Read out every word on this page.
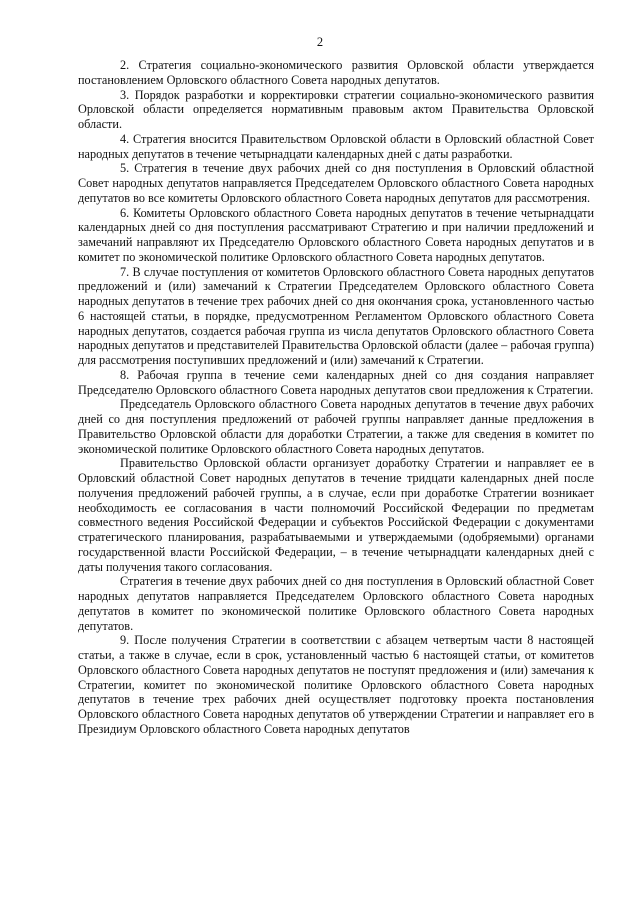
2

2. Стратегия социально-экономического развития Орловской области утверждается постановлением Орловского областного Совета народных депутатов.

3. Порядок разработки и корректировки стратегии социально-экономического развития Орловской области определяется нормативным правовым актом Правительства Орловской области.

4. Стратегия вносится Правительством Орловской области в Орловский областной Совет народных депутатов в течение четырнадцати календарных дней с даты разработки.

5. Стратегия в течение двух рабочих дней со дня поступления в Орловский областной Совет народных депутатов направляется Председателем Орловского областного Совета народных депутатов во все комитеты Орловского областного Совета народных депутатов для рассмотрения.

6. Комитеты Орловского областного Совета народных депутатов в течение четырнадцати календарных дней со дня поступления рассматривают Стратегию и при наличии предложений и замечаний направляют их Председателю Орловского областного Совета народных депутатов и в комитет по экономической политике Орловского областного Совета народных депутатов.

7. В случае поступления от комитетов Орловского областного Совета народных депутатов предложений и (или) замечаний к Стратегии Председателем Орловского областного Совета народных депутатов в течение трех рабочих дней со дня окончания срока, установленного частью 6 настоящей статьи, в порядке, предусмотренном Регламентом Орловского областного Совета народных депутатов, создается рабочая группа из числа депутатов Орловского областного Совета народных депутатов и представителей Правительства Орловской области (далее – рабочая группа) для рассмотрения поступивших предложений и (или) замечаний к Стратегии.

8. Рабочая группа в течение семи календарных дней со дня создания направляет Председателю Орловского областного Совета народных депутатов свои предложения к Стратегии.

Председатель Орловского областного Совета народных депутатов в течение двух рабочих дней со дня поступления предложений от рабочей группы направляет данные предложения в Правительство Орловской области для доработки Стратегии, а также для сведения в комитет по экономической политике Орловского областного Совета народных депутатов.

Правительство Орловской области организует доработку Стратегии и направляет ее в Орловский областной Совет народных депутатов в течение тридцати календарных дней после получения предложений рабочей группы, а в случае, если при доработке Стратегии возникает необходимость ее согласования в части полномочий Российской Федерации по предметам совместного ведения Российской Федерации и субъектов Российской Федерации с документами стратегического планирования, разрабатываемыми и утверждаемыми (одобряемыми) органами государственной власти Российской Федерации, – в течение четырнадцати календарных дней с даты получения такого согласования.

Стратегия в течение двух рабочих дней со дня поступления в Орловский областной Совет народных депутатов направляется Председателем Орловского областного Совета народных депутатов в комитет по экономической политике Орловского областного Совета народных депутатов.

9. После получения Стратегии в соответствии с абзацем четвертым части 8 настоящей статьи, а также в случае, если в срок, установленный частью 6 настоящей статьи, от комитетов Орловского областного Совета народных депутатов не поступят предложения и (или) замечания к Стратегии, комитет по экономической политике Орловского областного Совета народных депутатов в течение трех рабочих дней осуществляет подготовку проекта постановления Орловского областного Совета народных депутатов об утверждении Стратегии и направляет его в Президиум Орловского областного Совета народных депутатов
